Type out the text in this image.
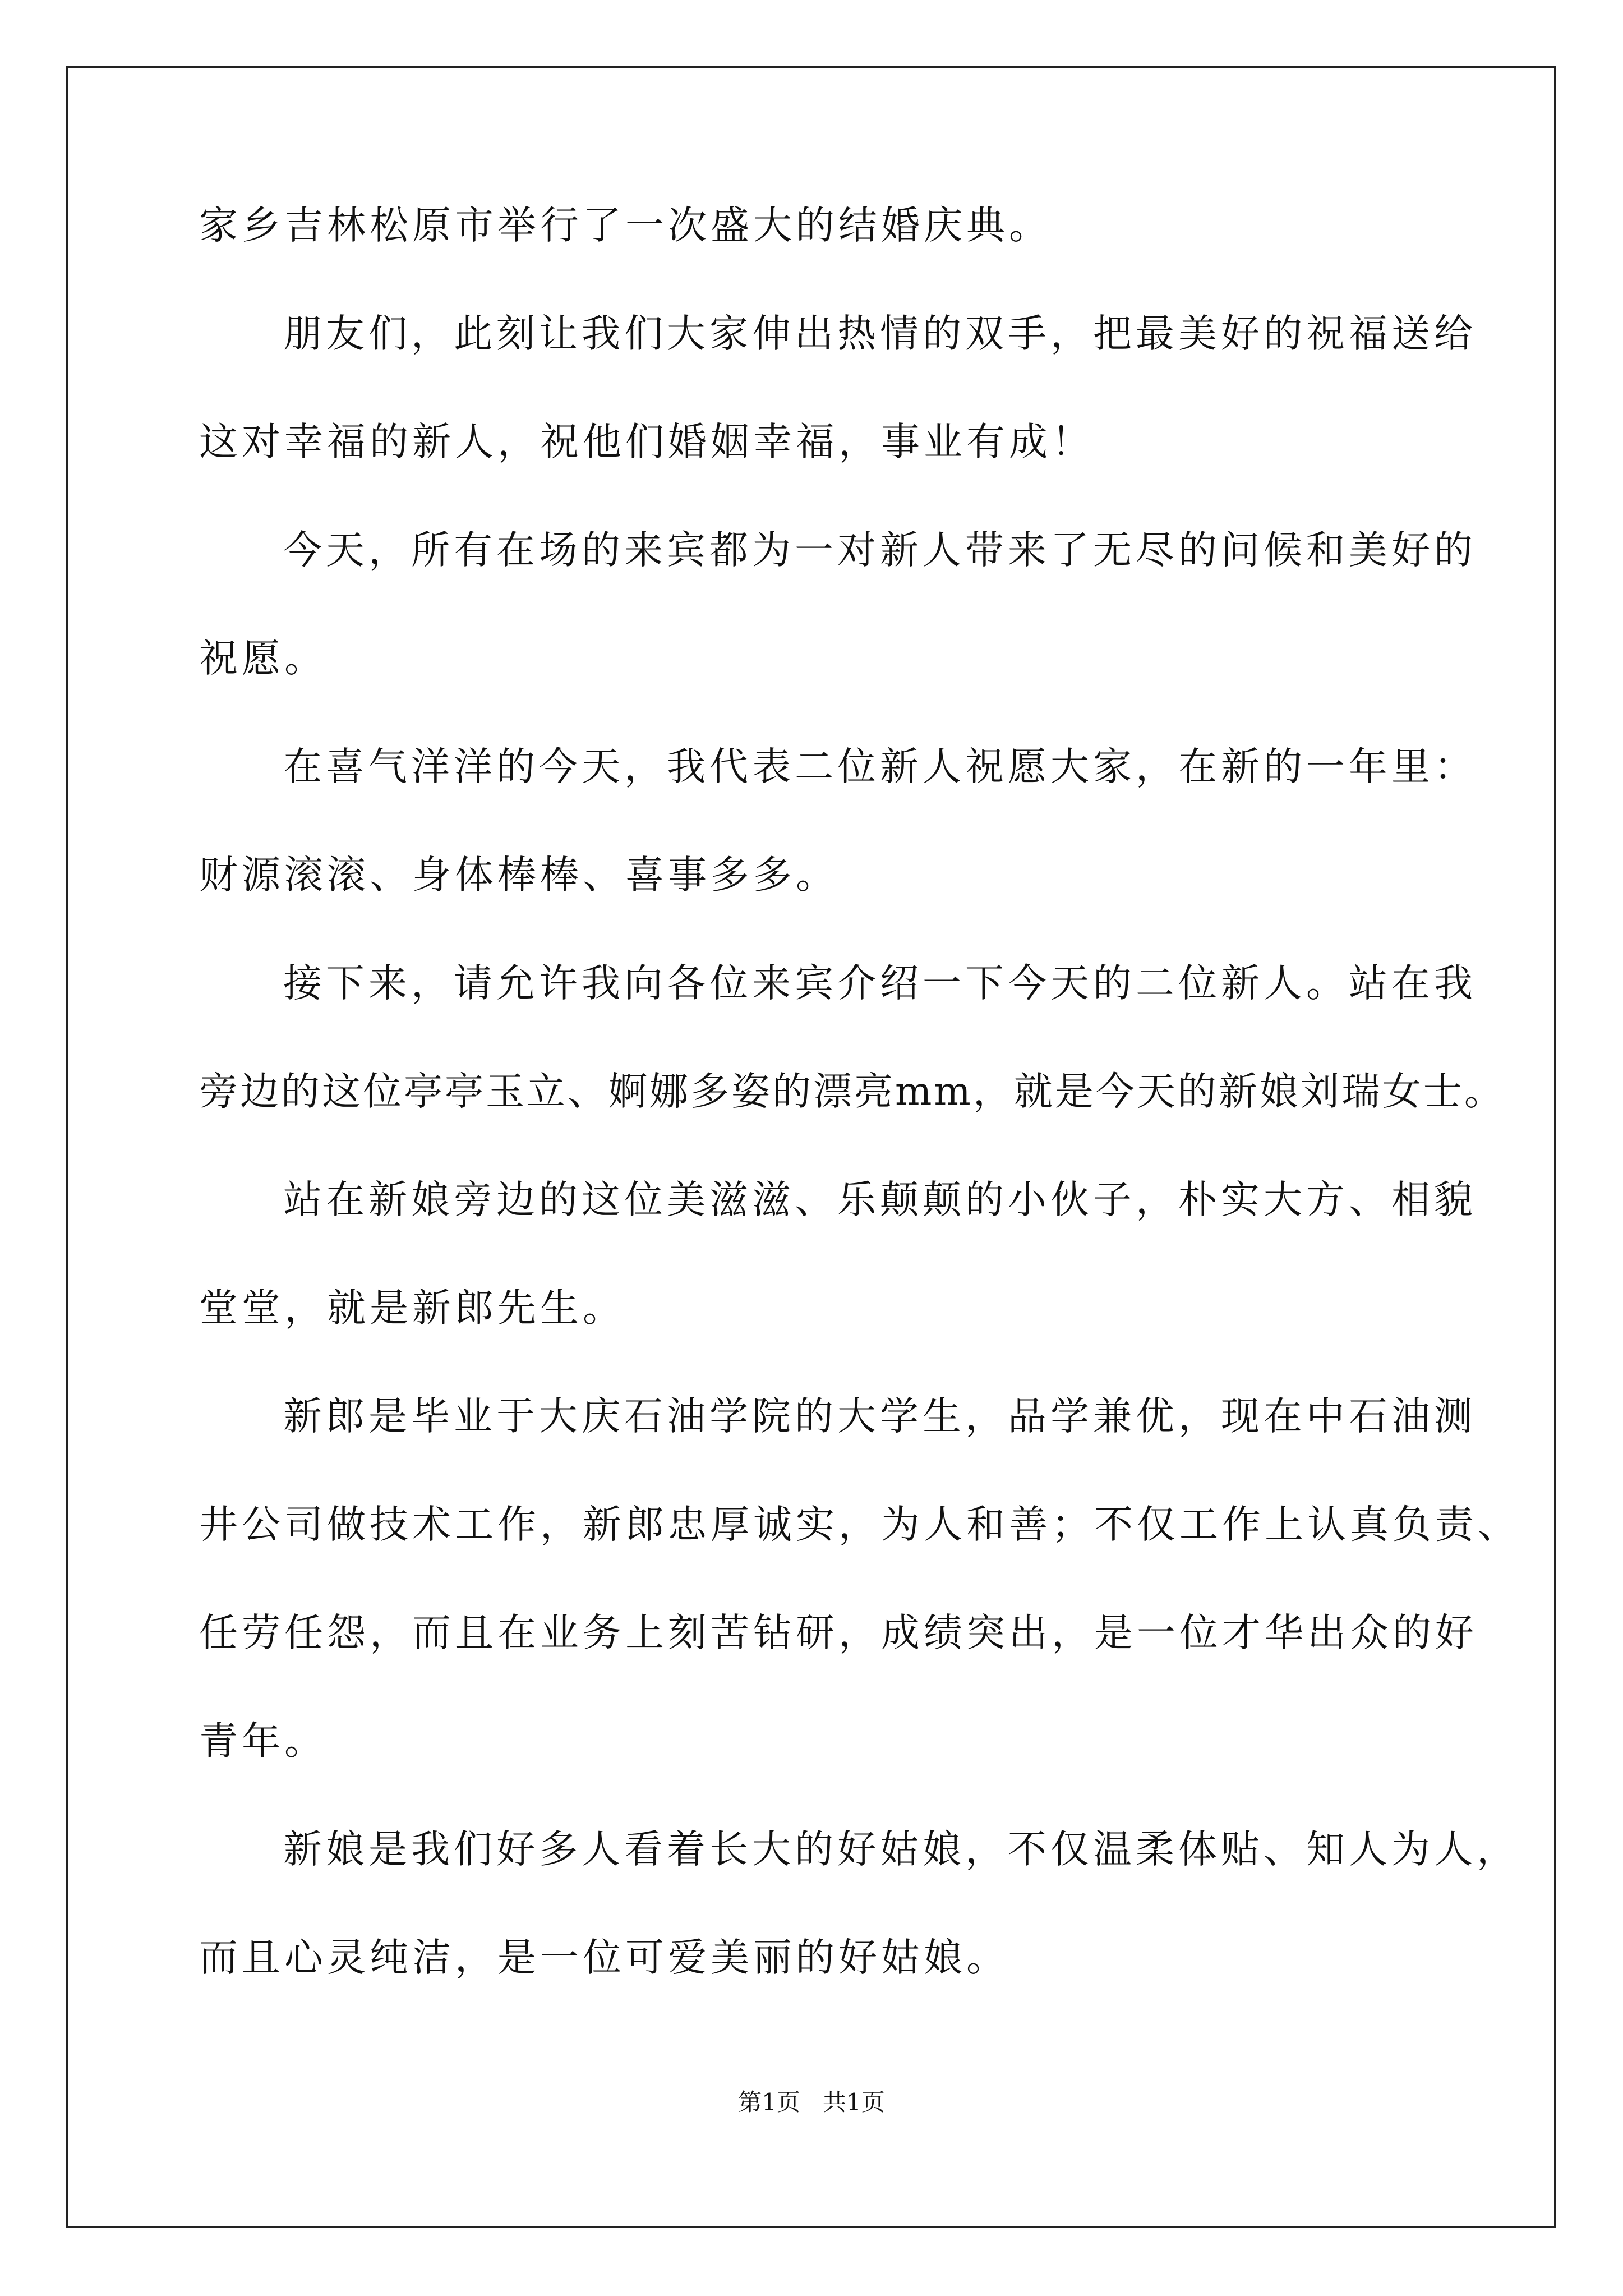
家乡吉林松原市举行了一次盛大的结婚庆典。
朋友们，此刻让我们大家伸出热情的双手，把最美好的祝福送给
这对幸福的新人，祝他们婚姻幸福，事业有成！
今天，所有在场的来宾都为一对新人带来了无尽的问候和美好的
祝愿。
在喜气洋洋的今天，我代表二位新人祝愿大家，在新的一年里：
财源滚滚、身体棒棒、喜事多多。
接下来，请允许我向各位来宾介绍一下今天的二位新人。站在我
旁边的这位亭亭玉立、婀娜多姿的漂亮mm，就是今天的新娘刘瑞女士。
站在新娘旁边的这位美滋滋、乐颠颠的小伙子，朴实大方、相貌
堂堂，就是新郎先生。
新郎是毕业于大庆石油学院的大学生，品学兼优，现在中石油测
井公司做技术工作，新郎忠厚诚实，为人和善；不仅工作上认真负责、
任劳任怨，而且在业务上刻苦钻研，成绩突出，是一位才华出众的好
青年。
新娘是我们好多人看着长大的好姑娘，不仅温柔体贴、知人为人，
而且心灵纯洁，是一位可爱美丽的好姑娘。
第1页   共1页
